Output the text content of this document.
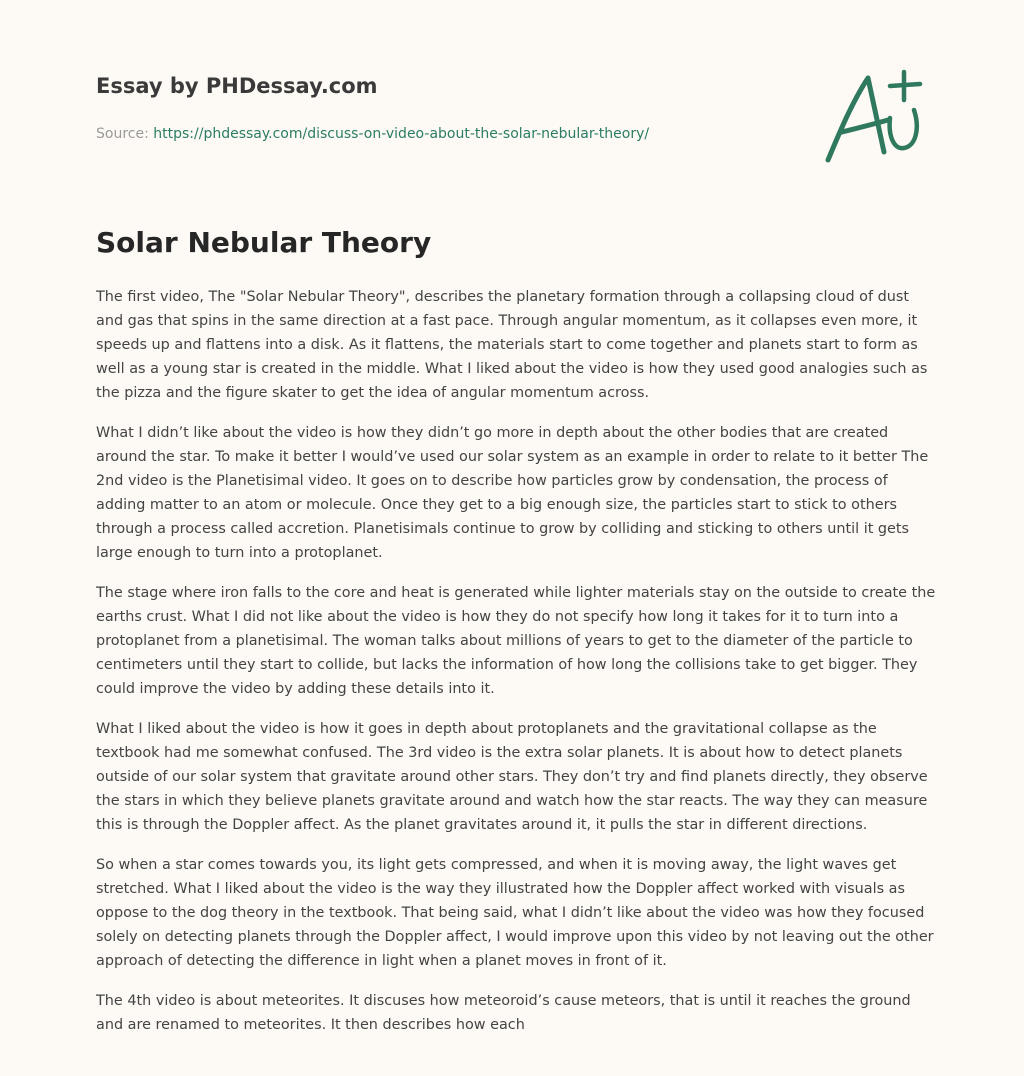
Essay by PHDessay.com
Source: https://phdessay.com/discuss-on-video-about-the-solar-nebular-theory/
Solar Nebular Theory

The first video, The "Solar Nebular Theory", describes the planetary formation through a collapsing cloud of dust and gas that spins in the same direction at a fast pace. Through angular momentum, as it collapses even more, it speeds up and flattens into a disk. As it flattens, the materials start to come together and planets start to form as well as a young star is created in the middle. What I liked about the video is how they used good analogies such as the pizza and the figure skater to get the idea of angular momentum across.

What I didn’t like about the video is how they didn’t go more in depth about the other bodies that are created around the star. To make it better I would’ve used our solar system as an example in order to relate to it better The 2nd video is the Planetisimal video. It goes on to describe how particles grow by condensation, the process of adding matter to an atom or molecule. Once they get to a big enough size, the particles start to stick to others through a process called accretion. Planetisimals continue to grow by colliding and sticking to others until it gets large enough to turn into a protoplanet.

The stage where iron falls to the core and heat is generated while lighter materials stay on the outside to create the earths crust. What I did not like about the video is how they do not specify how long it takes for it to turn into a protoplanet from a planetisimal. The woman talks about millions of years to get to the diameter of the particle to centimeters until they start to collide, but lacks the information of how long the collisions take to get bigger. They could improve the video by adding these details into it.

What I liked about the video is how it goes in depth about protoplanets and the gravitational collapse as the textbook had me somewhat confused. The 3rd video is the extra solar planets. It is about how to detect planets outside of our solar system that gravitate around other stars. They don’t try and find planets directly, they observe the stars in which they believe planets gravitate around and watch how the star reacts. The way they can measure this is through the Doppler affect. As the planet gravitates around it, it pulls the star in different directions.

So when a star comes towards you, its light gets compressed, and when it is moving away, the light waves get stretched. What I liked about the video is the way they illustrated how the Doppler affect worked with visuals as oppose to the dog theory in the textbook. That being said, what I didn’t like about the video was how they focused solely on detecting planets through the Doppler affect, I would improve upon this video by not leaving out the other approach of detecting the difference in light when a planet moves in front of it.

The 4th video is about meteorites. It discuses how meteoroid’s cause meteors, that is until it reaches the ground and are renamed to meteorites. It then describes how each
